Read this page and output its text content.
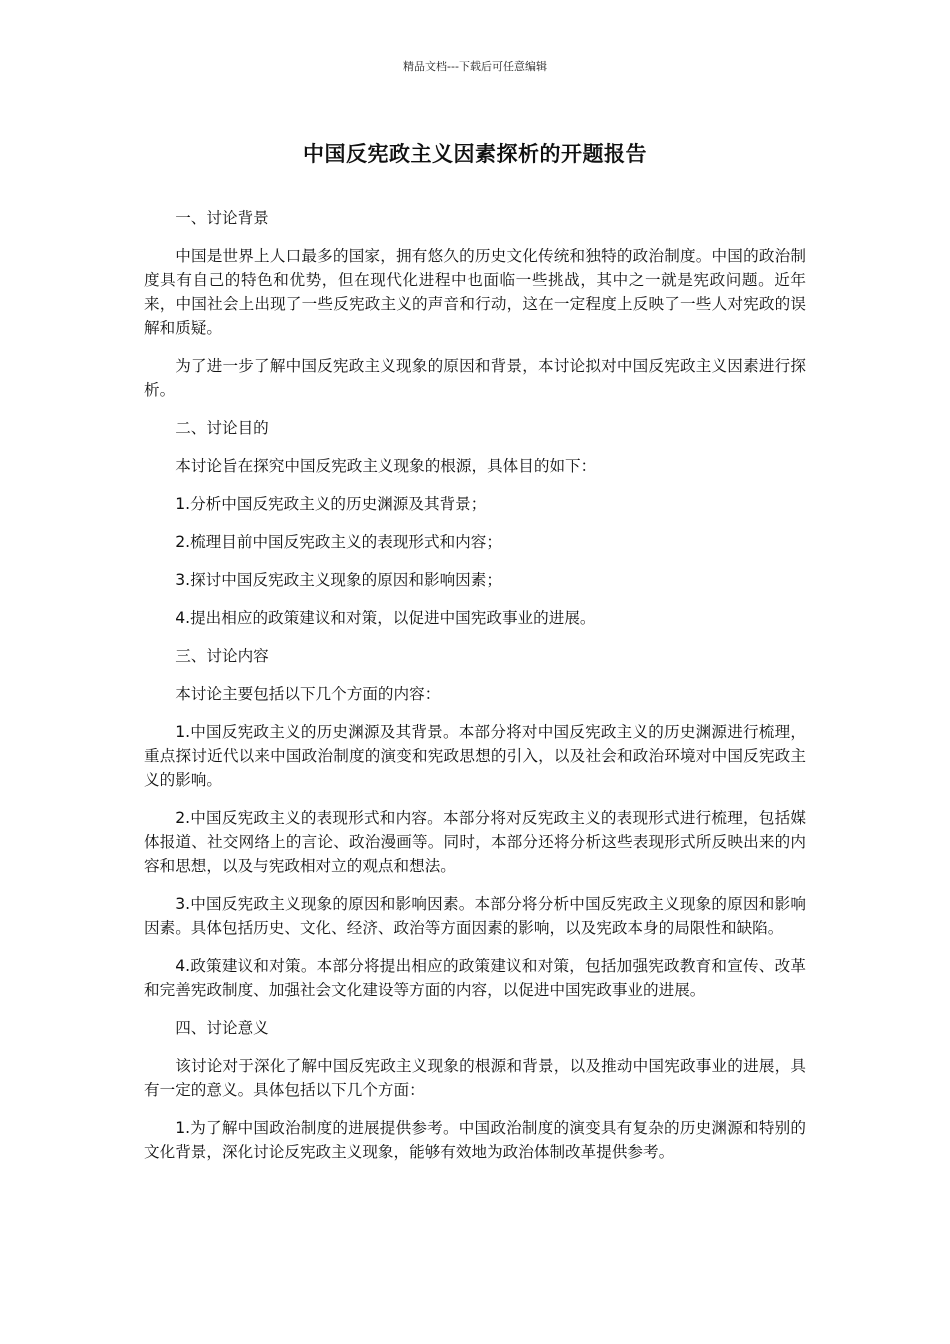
精品文档---下载后可任意编辑
中国反宪政主义因素探析的开题报告

一、讨论背景

中国是世界上人口最多的国家，拥有悠久的历史文化传统和独特的政治制度。中国的政治制度具有自己的特色和优势，但在现代化进程中也面临一些挑战，其中之一就是宪政问题。近年来，中国社会上出现了一些反宪政主义的声音和行动，这在一定程度上反映了一些人对宪政的误解和质疑。

为了进一步了解中国反宪政主义现象的原因和背景，本讨论拟对中国反宪政主义因素进行探析。

二、讨论目的

本讨论旨在探究中国反宪政主义现象的根源，具体目的如下：

1.分析中国反宪政主义的历史渊源及其背景；

2.梳理目前中国反宪政主义的表现形式和内容；

3.探讨中国反宪政主义现象的原因和影响因素；

4.提出相应的政策建议和对策，以促进中国宪政事业的进展。

三、讨论内容

本讨论主要包括以下几个方面的内容：

1.中国反宪政主义的历史渊源及其背景。本部分将对中国反宪政主义的历史渊源进行梳理，重点探讨近代以来中国政治制度的演变和宪政思想的引入，以及社会和政治环境对中国反宪政主义的影响。

2.中国反宪政主义的表现形式和内容。本部分将对反宪政主义的表现形式进行梳理，包括媒体报道、社交网络上的言论、政治漫画等。同时，本部分还将分析这些表现形式所反映出来的内容和思想，以及与宪政相对立的观点和想法。

3.中国反宪政主义现象的原因和影响因素。本部分将分析中国反宪政主义现象的原因和影响因素。具体包括历史、文化、经济、政治等方面因素的影响，以及宪政本身的局限性和缺陷。

4.政策建议和对策。本部分将提出相应的政策建议和对策，包括加强宪政教育和宣传、改革和完善宪政制度、加强社会文化建设等方面的内容，以促进中国宪政事业的进展。

四、讨论意义

该讨论对于深化了解中国反宪政主义现象的根源和背景，以及推动中国宪政事业的进展，具有一定的意义。具体包括以下几个方面：

1.为了解中国政治制度的进展提供参考。中国政治制度的演变具有复杂的历史渊源和特别的文化背景，深化讨论反宪政主义现象，能够有效地为政治体制改革提供参考。
